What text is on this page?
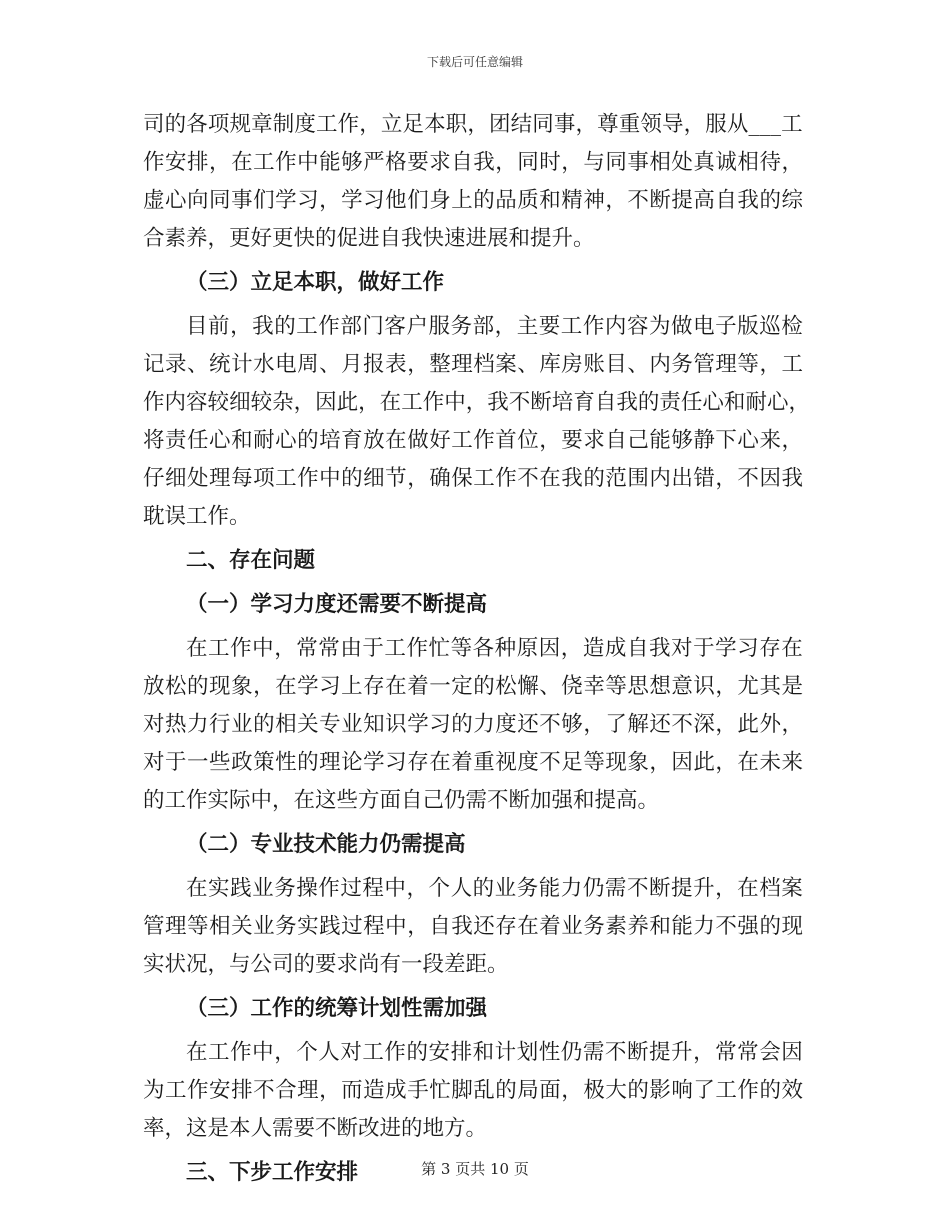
下载后可任意编辑
司 的 各 项 规 章 制 度 工 作 ， 立 足 本 职 ， 团 结 同 事 ， 尊 重 领 导 ， 服 从 _ _ _ 工
作 安 排 ， 在 工 作 中 能 够 严 格 要 求 自 我 ， 同 时 ， 与 同 事 相 处 真 诚 相 待 ，
虚 心 向 同 事 们 学 习 ， 学 习 他 们 身 上 的 品 质 和 精 神 ， 不 断 提 高 自 我 的 综
合素养，更好更快的促进自我快速进展和提升。
（三）立足本职，做好工作
目 前 ， 我 的 工 作 部 门 客 户 服 务 部 ， 主 要 工 作 内 容 为 做 电 子 版 巡 检
记 录 、 统 计 水 电 周 、 月 报 表 ， 整 理 档 案 、 库 房 账 目 、 内 务 管 理 等 ， 工
作 内 容 较 细 较 杂 ， 因 此 ， 在 工 作 中 ， 我 不 断 培 育 自 我 的 责 任 心 和 耐 心 ，
将 责 任 心 和 耐 心 的 培 育 放 在 做 好 工 作 首 位 ， 要 求 自 己 能 够 静 下 心 来 ，
仔 细 处 理 每 项 工 作 中 的 细 节 ， 确 保 工 作 不 在 我 的 范 围 内 出 错 ， 不 因 我
耽误工作。
二、存在问题
（一）学习力度还需要不断提高
在 工 作 中 ， 常 常 由 于 工 作 忙 等 各 种 原 因 ， 造 成 自 我 对 于 学 习 存 在
放 松 的 现 象 ， 在 学 习 上 存 在 着 一 定 的 松 懈 、 侥 幸 等 思 想 意 识 ， 尤 其 是
对 热 力 行 业 的 相 关 专 业 知 识 学 习 的 力 度 还 不 够 ， 了 解 还 不 深 ， 此 外 ，
对 于 一 些 政 策 性 的 理 论 学 习 存 在 着 重 视 度 不 足 等 现 象 ， 因 此 ， 在 未 来
的工作实际中，在这些方面自己仍需不断加强和提高。
（二）专业技术能力仍需提高
在 实 践 业 务 操 作 过 程 中 ， 个 人 的 业 务 能 力 仍 需 不 断 提 升 ， 在 档 案
管 理 等 相 关 业 务 实 践 过 程 中 ， 自 我 还 存 在 着 业 务 素 养 和 能 力 不 强 的 现
实状况，与公司的要求尚有一段差距。
（三）工作的统筹计划性需加强
在 工 作 中 ， 个 人 对 工 作 的 安 排 和 计 划 性 仍 需 不 断 提 升 ， 常 常 会 因
为 工 作 安 排 不 合 理 ， 而 造 成 手 忙 脚 乱 的 局 面 ， 极 大 的 影 响 了 工 作 的 效
率，这是本人需要不断改进的地方。
三、下步工作安排	第 3 页共 10 页
